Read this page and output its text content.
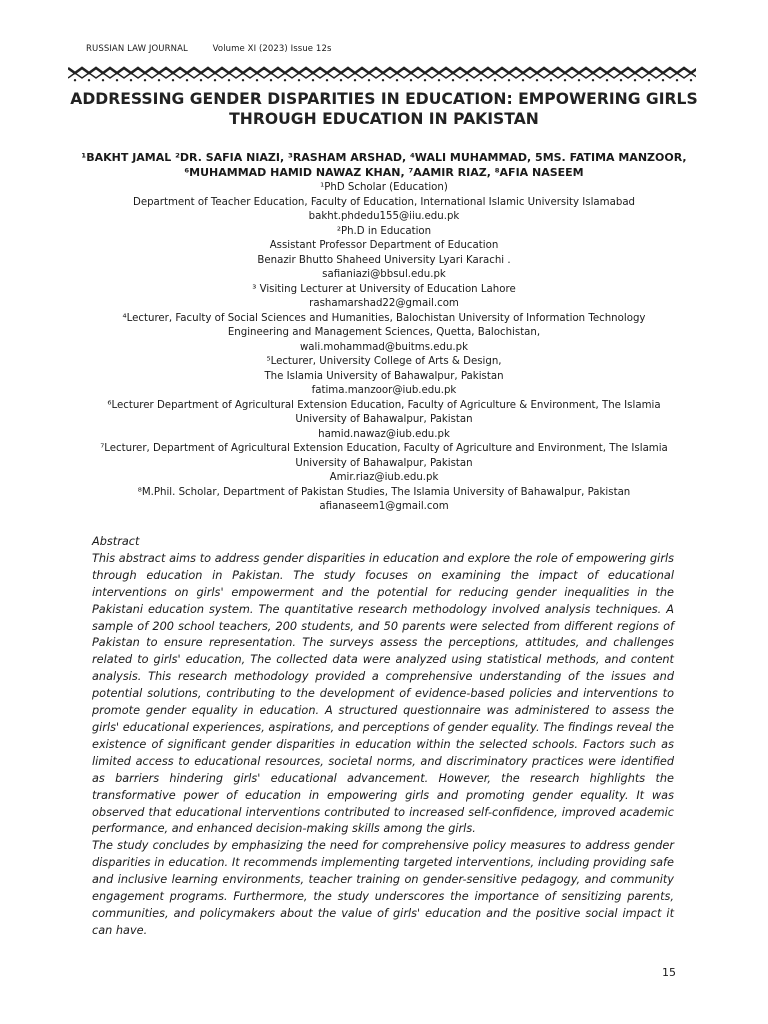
RUSSIAN LAW JOURNAL	Volume XI (2023) Issue 12s
ADDRESSING GENDER DISPARITIES IN EDUCATION: EMPOWERING GIRLS
THROUGH EDUCATION IN PAKISTAN
¹BAKHT JAMAL ²DR. SAFIA NIAZI, ³RASHAM ARSHAD, ⁴WALI MUHAMMAD, 5MS. FATIMA MANZOOR,
⁶MUHAMMAD HAMID NAWAZ KHAN, ⁷AAMIR RIAZ, ⁸AFIA NASEEM
¹PhD Scholar (Education)
Department of Teacher Education, Faculty of Education, International Islamic University Islamabad
bakht.phdedu155@iiu.edu.pk
²Ph.D in Education
Assistant Professor Department of Education
Benazir Bhutto Shaheed University Lyari Karachi .
safianiazi@bbsul.edu.pk
³ Visiting Lecturer at University of Education Lahore
rashamarshad22@gmail.com
⁴Lecturer, Faculty of Social Sciences and Humanities, Balochistan University of Information Technology
Engineering and Management Sciences, Quetta, Balochistan,
wali.mohammad@buitms.edu.pk
⁵Lecturer, University College of Arts & Design,
The Islamia University of Bahawalpur, Pakistan
fatima.manzoor@iub.edu.pk
⁶Lecturer Department of Agricultural Extension Education, Faculty of Agriculture & Environment, The Islamia
University of Bahawalpur, Pakistan
hamid.nawaz@iub.edu.pk
⁷Lecturer, Department of Agricultural Extension Education, Faculty of Agriculture and Environment, The Islamia
University of Bahawalpur, Pakistan
Amir.riaz@iub.edu.pk
⁸M.Phil. Scholar, Department of Pakistan Studies, The Islamia University of Bahawalpur, Pakistan
afianaseem1@gmail.com
Abstract

This abstract aims to address gender disparities in education and explore the role of empowering girls through education in Pakistan. The study focuses on examining the impact of educational interventions on girls' empowerment and the potential for reducing gender inequalities in the Pakistani education system. The quantitative research methodology involved analysis techniques. A sample of 200 school teachers, 200 students, and 50 parents were selected from different regions of Pakistan to ensure representation. The surveys assess the perceptions, attitudes, and challenges related to girls' education, The collected data were analyzed using statistical methods, and content analysis. This research methodology provided a comprehensive understanding of the issues and potential solutions, contributing to the development of evidence-based policies and interventions to promote gender equality in education. A structured questionnaire was administered to assess the girls' educational experiences, aspirations, and perceptions of gender equality. The findings reveal the existence of significant gender disparities in education within the selected schools. Factors such as limited access to educational resources, societal norms, and discriminatory practices were identified as barriers hindering girls' educational advancement. However, the research highlights the transformative power of education in empowering girls and promoting gender equality. It was observed that educational interventions contributed to increased self-confidence, improved academic performance, and enhanced decision-making skills among the girls.

The study concludes by emphasizing the need for comprehensive policy measures to address gender disparities in education. It recommends implementing targeted interventions, including providing safe and inclusive learning environments, teacher training on gender-sensitive pedagogy, and community engagement programs. Furthermore, the study underscores the importance of sensitizing parents, communities, and policymakers about the value of girls' education and the positive social impact it can have.

15
